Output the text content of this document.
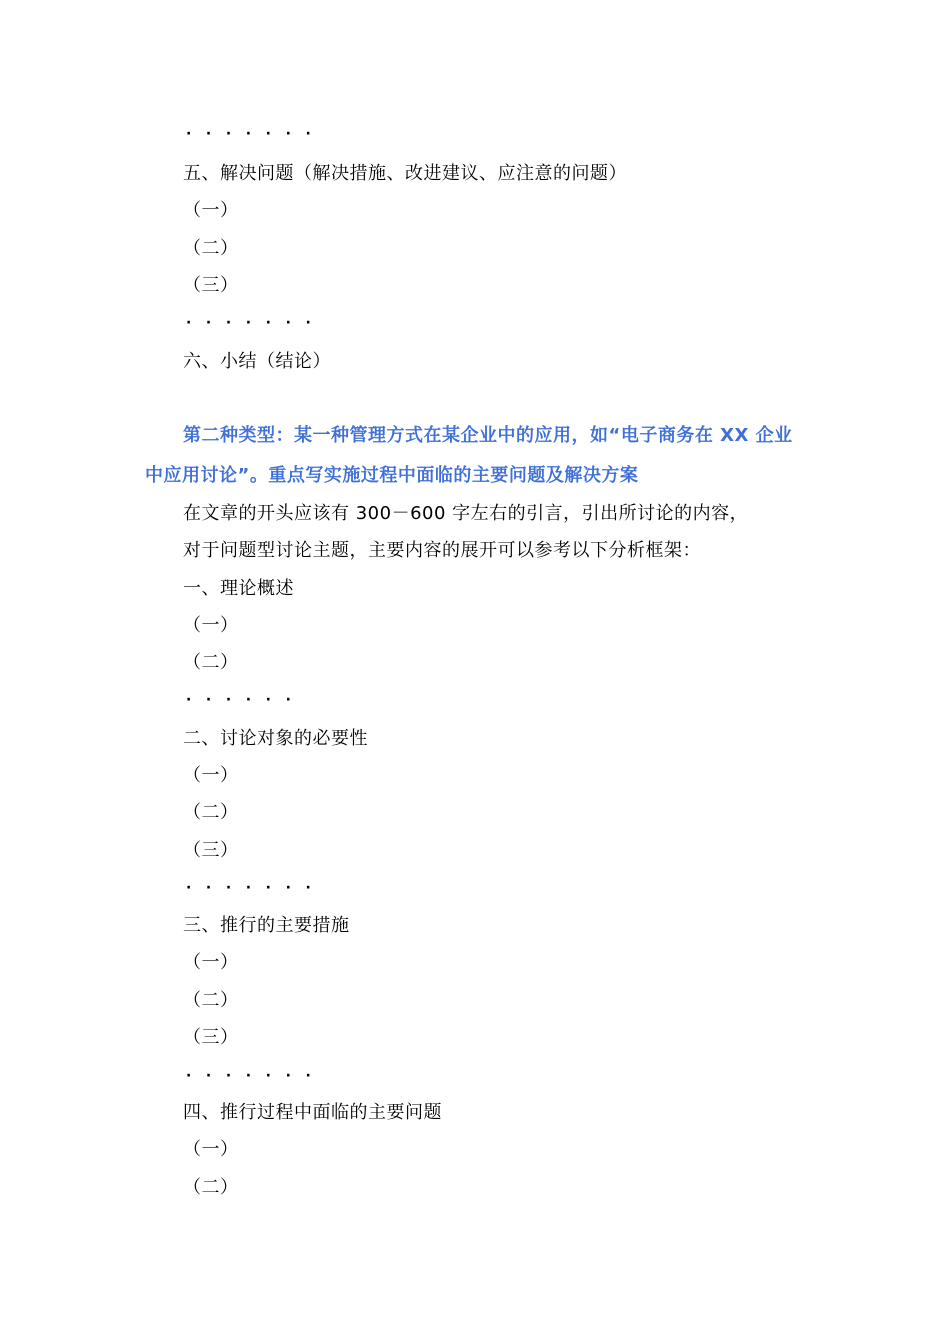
·······
五、解决问题（解决措施、改进建议、应注意的问题）
（一）
（二）
（三）
·······
六、小结（结论）
第二种类型：某一种管理方式在某企业中的应用，如“电子商务在 XX 企业
中应用讨论”。重点写实施过程中面临的主要问题及解决方案
在文章的开头应该有 300－600 字左右的引言，引出所讨论的内容，
对于问题型讨论主题，主要内容的展开可以参考以下分析框架：
一、理论概述
（一）
（二）
······
二、讨论对象的必要性
（一）
（二）
（三）
·······
三、推行的主要措施
（一）
（二）
（三）
·······
四、推行过程中面临的主要问题
（一）
（二）
